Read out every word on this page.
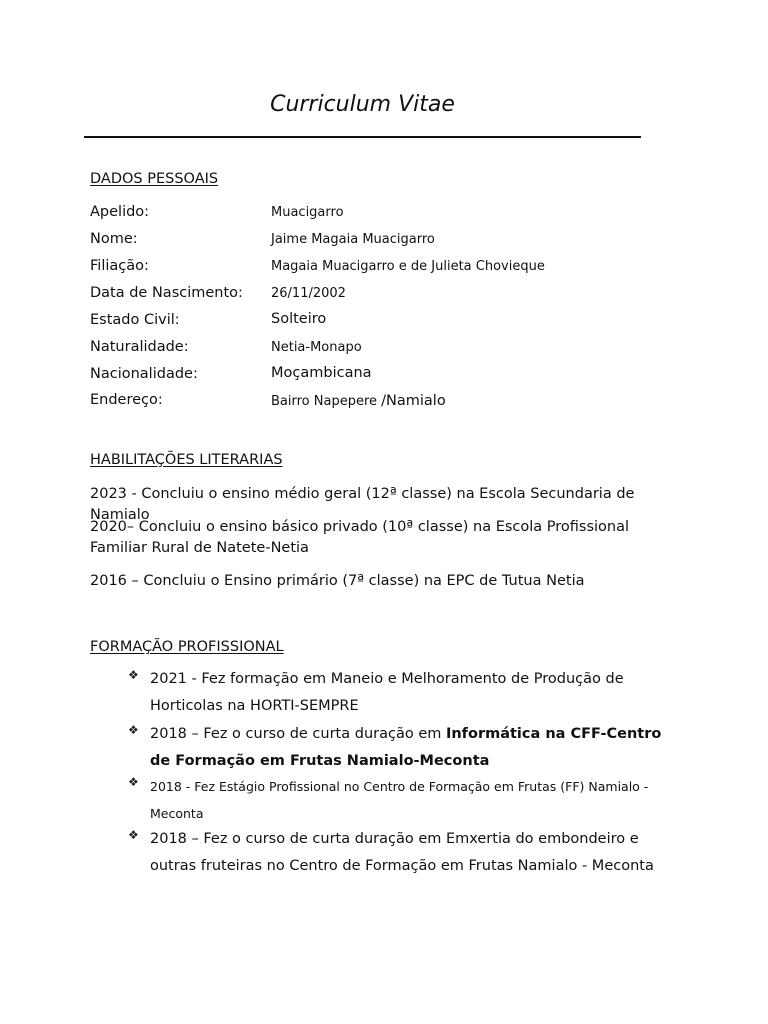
Curriculum Vitae
DADOS PESSOAIS
Apelido:	Muacigarro
Nome:	Jaime Magaia Muacigarro
Filiação:	Magaia Muacigarro e de Julieta Chovieque
Data de Nascimento: 26/11/2002
Estado Civil:	Solteiro
Naturalidade:	Netia-Monapo
Nacionalidade:	Moçambicana
Endereço:	Bairro Napepere /Namialo
HABILITAÇÕES LITERARIAS
2023 - Concluiu o ensino médio geral (12ª classe) na Escola Secundaria de Namialo
2020– Concluiu o ensino básico privado (10ª classe) na Escola Profissional Familiar Rural de Natete-Netia
2016 – Concluiu o Ensino primário (7ª classe) na EPC de Tutua Netia
FORMAÇÃO PROFISSIONAL
❖ 2021 - Fez formação em Maneio e Melhoramento de Produção de Horticolas na HORTI-SEMPRE
❖ 2018 – Fez o curso de curta duração em Informática na CFF-Centro de Formação em Frutas Namialo-Meconta
❖ 2018 - Fez Estágio Profissional no Centro de Formação em Frutas (FF) Namialo - Meconta
❖ 2018 – Fez o curso de curta duração em Emxertia do embondeiro e outras fruteiras no Centro de Formação em Frutas Namialo - Meconta
